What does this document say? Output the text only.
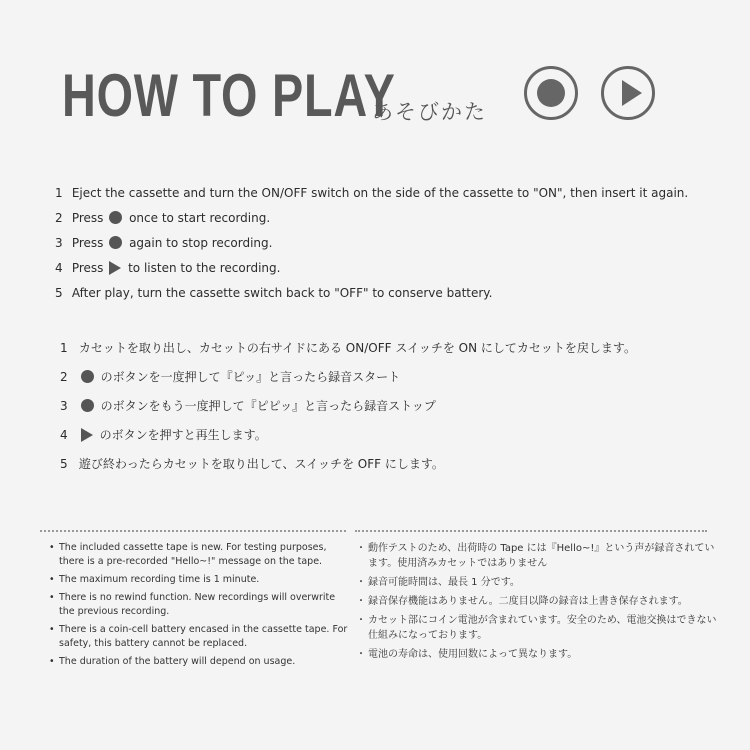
HOW TO PLAY
あそびかた
1 Eject the cassette and turn the ON/OFF switch on the side of the cassette to "ON", then insert it again.
2 Press once to start recording.
3 Press again to stop recording.
4 Press to listen to the recording.
5 After play, turn the cassette switch back to "OFF" to conserve battery.
1 カセットを取り出し、カセットの右サイドにある ON/OFF スイッチを ON にしてカセットを戻します。
2	のボタンを一度押して『ピッ』と言ったら録音スタート
3	のボタンをもう一度押して『ピピッ』と言ったら録音ストップ
4	のボタンを押すと再生します。
5 遊び終わったらカセットを取り出して、スイッチを OFF にします。
• The included cassette tape is new. For testing purposes, there is a pre-recorded "Hello~!" message on the tape.
• The maximum recording time is 1 minute.
• There is no rewind function. New recordings will overwrite the previous recording.
• There is a coin-cell battery encased in the cassette tape. For safety, this battery cannot be replaced.
• The duration of the battery will depend on usage.
・ 動作テストのため、出荷時の Tape には『Hello~!』という声が録音されています。使用済みカセットではありません
・ 録音可能時間は、最長 1 分です。
・ 録音保存機能はありません。二度目以降の録音は上書き保存されます。
・ カセット部にコイン電池が含まれています。安全のため、電池交換はできない仕組みになっております。
・ 電池の寿命は、使用回数によって異なります。
